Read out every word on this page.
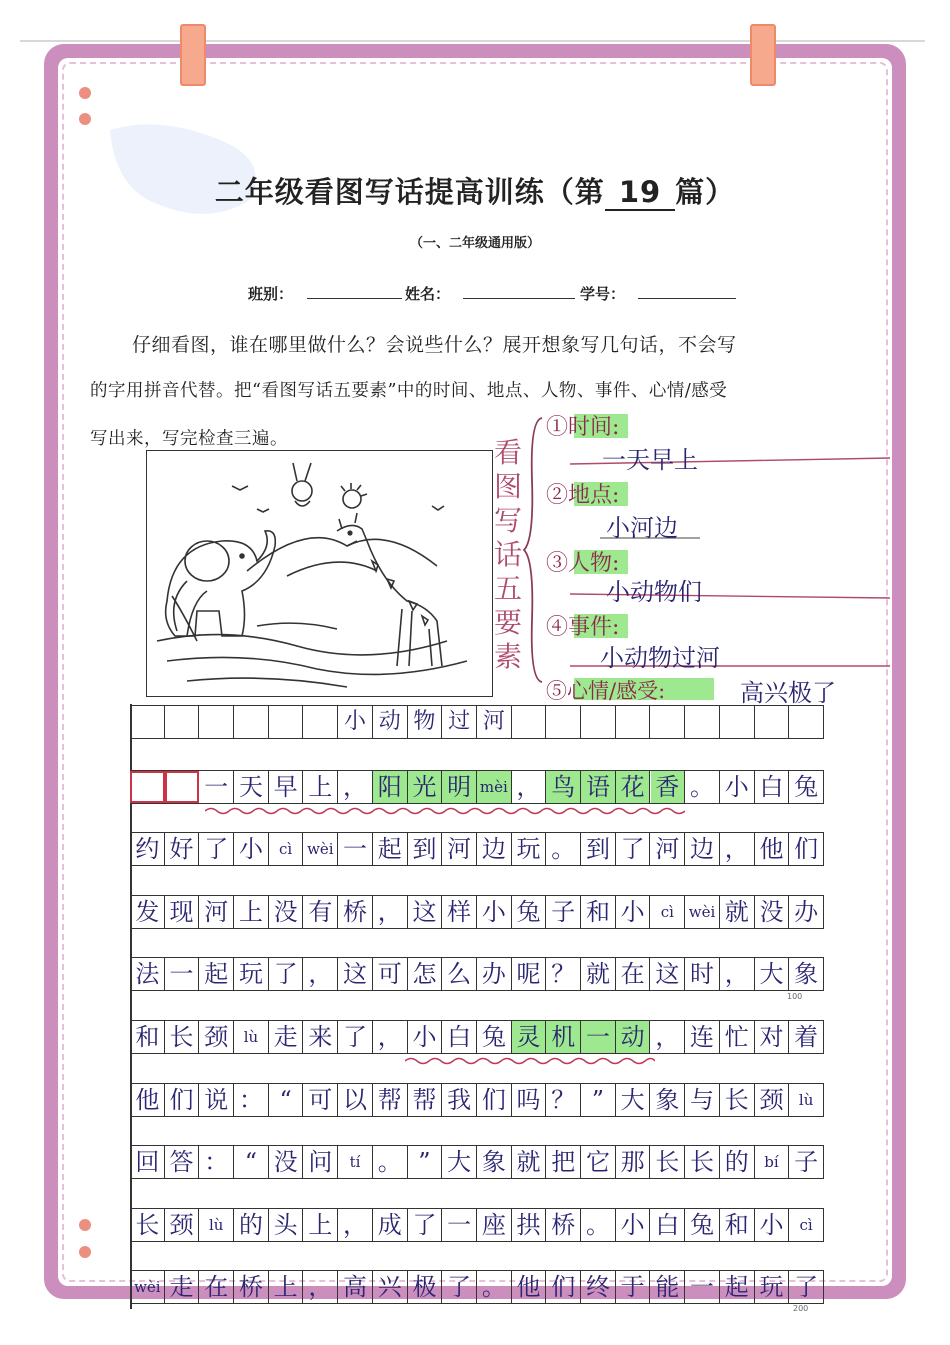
二年级看图写话提高训练（第 19 篇）
（一、二年级通用版）
班别：	姓名：	学号：
仔细看图，谁在哪里做什么？会说些什么？展开想象写几句话，不会写
的字用拼音代替。把“看图写话五要素”中的时间、地点、人物、事件、心情/感受
写出来，写完检查三遍。	看图写话五要素
①时间:
一天早上
②地点:
小河边
③人物:
小动物们
④事件:
小动物过河
⑤心情/感受:	高兴极了
小 动 物 过 河
一 天 早 上 ， 阳 光 明 mèi ， 鸟 语 花 香 。 小 白 兔
约 好 了 小	cì wèi 一 起 到 河 边 玩 。 到 了 河 边 ， 他 们
发 现 河 上 没 有 桥 ， 这 样 小 兔 子 和 小	cì wèi 就 没 办
法 一 起 玩 了 ， 这 可 怎 么 办 呢 ？ 就 在 这 时 ， 大 象
和 长 颈	lù 走 来 了 ， 小 白 兔 灵 机 一 动 ， 连 忙 对 着
他 们 说 ： “ 可 以 帮 帮 我 们 吗 ？ ” 大 象 与 长 颈	lù
回 答 ： “ 没 问	tí 。 ” 大 象 就 把 它 那 长 长 的	bí 子
长 颈	lù 的 头 上 ， 成 了 一 座 拱 桥 。 小 白 兔 和 小	cì
wèi 走 在 桥 上 ， 高 兴 极 了 。 他 们 终 于 能 一 起 玩 了
100
200
